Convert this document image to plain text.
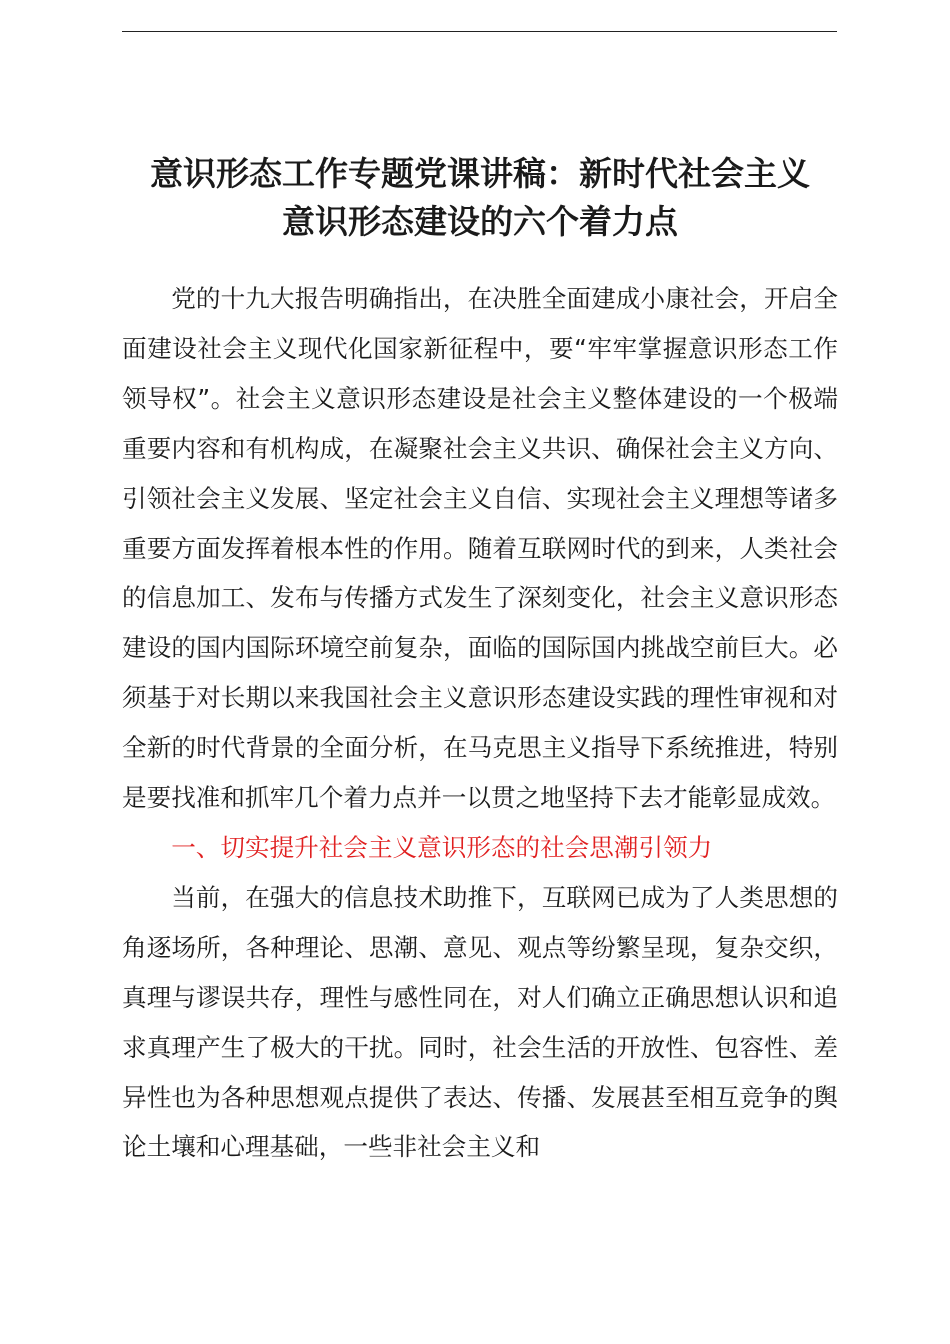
意识形态工作专题党课讲稿：新时代社会主义
意识形态建设的六个着力点

党的十九大报告明确指出，在决胜全面建成小康社会，开启全面建设社会主义现代化国家新征程中，要“牢牢掌握意识形态工作领导权”。社会主义意识形态建设是社会主义整体建设的一个极端重要内容和有机构成，在凝聚社会主义共识、确保社会主义方向、引领社会主义发展、坚定社会主义自信、实现社会主义理想等诸多重要方面发挥着根本性的作用。随着互联网时代的到来，人类社会的信息加工、发布与传播方式发生了深刻变化，社会主义意识形态建设的国内国际环境空前复杂，面临的国际国内挑战空前巨大。必须基于对长期以来我国社会主义意识形态建设实践的理性审视和对全新的时代背景的全面分析，在马克思主义指导下系统推进，特别是要找准和抓牢几个着力点并一以贯之地坚持下去才能彰显成效。

一、切实提升社会主义意识形态的社会思潮引领力

当前，在强大的信息技术助推下，互联网已成为了人类思想的角逐场所，各种理论、思潮、意见、观点等纷繁呈现，复杂交织，真理与谬误共存，理性与感性同在，对人们确立正确思想认识和追求真理产生了极大的干扰。同时，社会生活的开放性、包容性、差异性也为各种思想观点提供了表达、传播、发展甚至相互竞争的舆论土壤和心理基础，一些非社会主义和
